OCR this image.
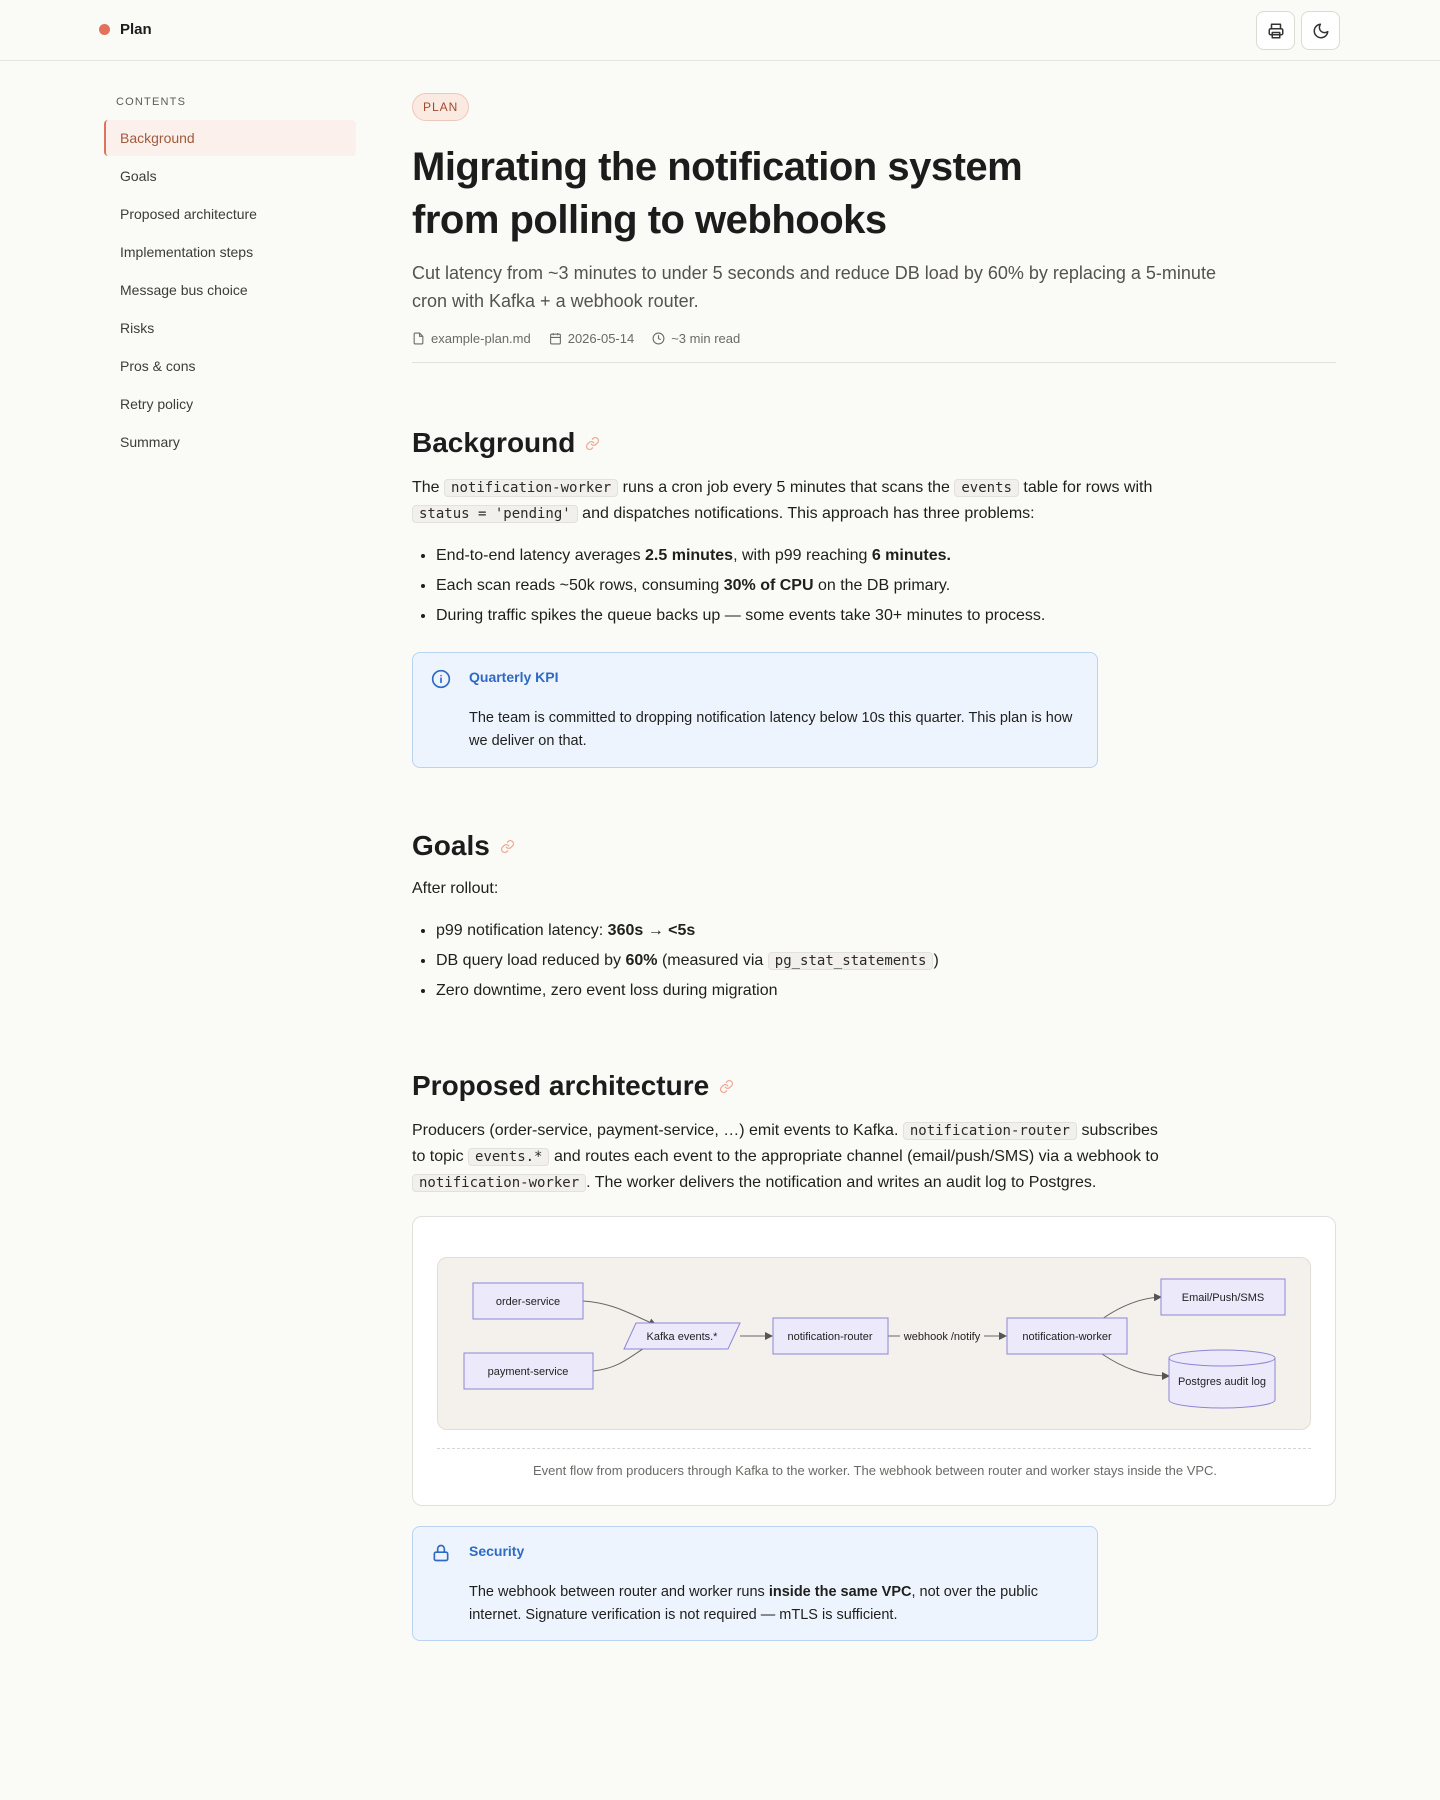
Plan
CONTENTS
Background
Goals
Proposed architecture
Implementation steps
Message bus choice
Risks
Pros & cons
Retry policy
Summary
PLAN
Migrating the notification system from polling to webhooks

Cut latency from ~3 minutes to under 5 seconds and reduce DB load by 60% by replacing a 5-minute cron with Kafka + a webhook router.

example-plan.md	2026-05-14	~3 min read
Background

The notification-worker runs a cron job every 5 minutes that scans the events table for rows with status = 'pending' and dispatches notifications. This approach has three problems:

• End-to-end latency averages 2.5 minutes, with p99 reaching 6 minutes.
• Each scan reads ~50k rows, consuming 30% of CPU on the DB primary.
• During traffic spikes the queue backs up — some events take 30+ minutes to process.
Quarterly KPI
The team is committed to dropping notification latency below 10s this quarter. This plan is how we deliver on that.
Goals

After rollout:

• p99 notification latency: 360s → <5s
• DB query load reduced by 60% (measured via pg_stat_statements )
• Zero downtime, zero event loss during migration
Proposed architecture

Producers (order-service, payment-service, …) emit events to Kafka. notification-router subscribes to topic events.* and routes each event to the appropriate channel (email/push/SMS) via a webhook to notification-worker . The worker delivers the notification and writes an audit log to Postgres.

order-service
payment-service
Kafka events.*	notification-router	webhook /notify	notification-worker
Email/Push/SMS
Postgres audit log
Event flow from producers through Kafka to the worker. The webhook between router and worker stays inside the VPC.
Security
The webhook between router and worker runs inside the same VPC, not over the public internet. Signature verification is not required — mTLS is sufficient.
